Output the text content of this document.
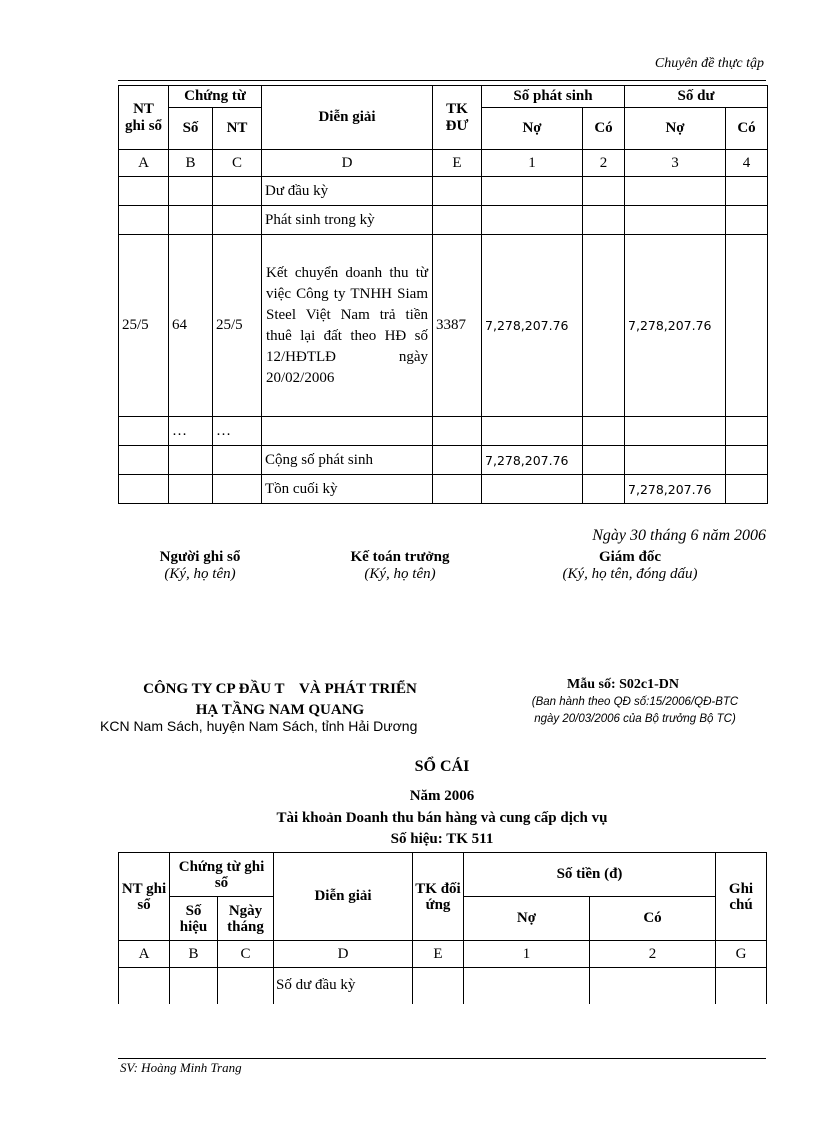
Chuyên đề thực tập
NT ghi sổ	Chứng từ		Diễn giải	TK ĐƯ	Số phát sinh		Số dư	
	Số	NT			Nợ	Có	Nợ	Có
A	B	C	D	E	1	2	3	4
			Dư đầu kỳ					
			Phát sinh trong kỳ					
25/5	64	25/5	Kết chuyển doanh thu từ việc Công ty TNHH Siam Steel Việt Nam trả tiền thuê lại đất theo HĐ số 12/HĐTLĐ ngày 20/02/2006	3387	7,278,207.76		7,278,207.76	
	…	…						
			Cộng số phát sinh		7,278,207.76			
			Tồn cuối kỳ				7,278,207.76	
Ngày 30 tháng 6 năm 2006
Người ghi sổ
(Ký, họ tên)
Kế toán trưởng
(Ký, họ tên)
Giám đốc
(Ký, họ tên, đóng dấu)
CÔNG TY CP ĐẦU T    VÀ PHÁT TRIỂN
HẠ TẦNG NAM QUANG
KCN Nam Sách, huyện Nam Sách, tỉnh Hải Dương
Mẫu số: S02c1-DN
(Ban hành theo QĐ số:15/2006/QĐ-BTC
ngày 20/03/2006 của Bộ trưởng Bộ TC)
SỔ CÁI
Năm 2006
Tài khoản Doanh thu bán hàng và cung cấp dịch vụ
Số hiệu: TK 511
NT ghi sổ	Chứng từ ghi sổ		Diễn giải	TK đối ứng	Số tiền (đ)		Ghi chú
	Số hiệu	Ngày tháng			Nợ	Có	
A	B	C	D	E	1	2	G
			Số dư đầu kỳ				
SV: Hoàng Minh Trang
